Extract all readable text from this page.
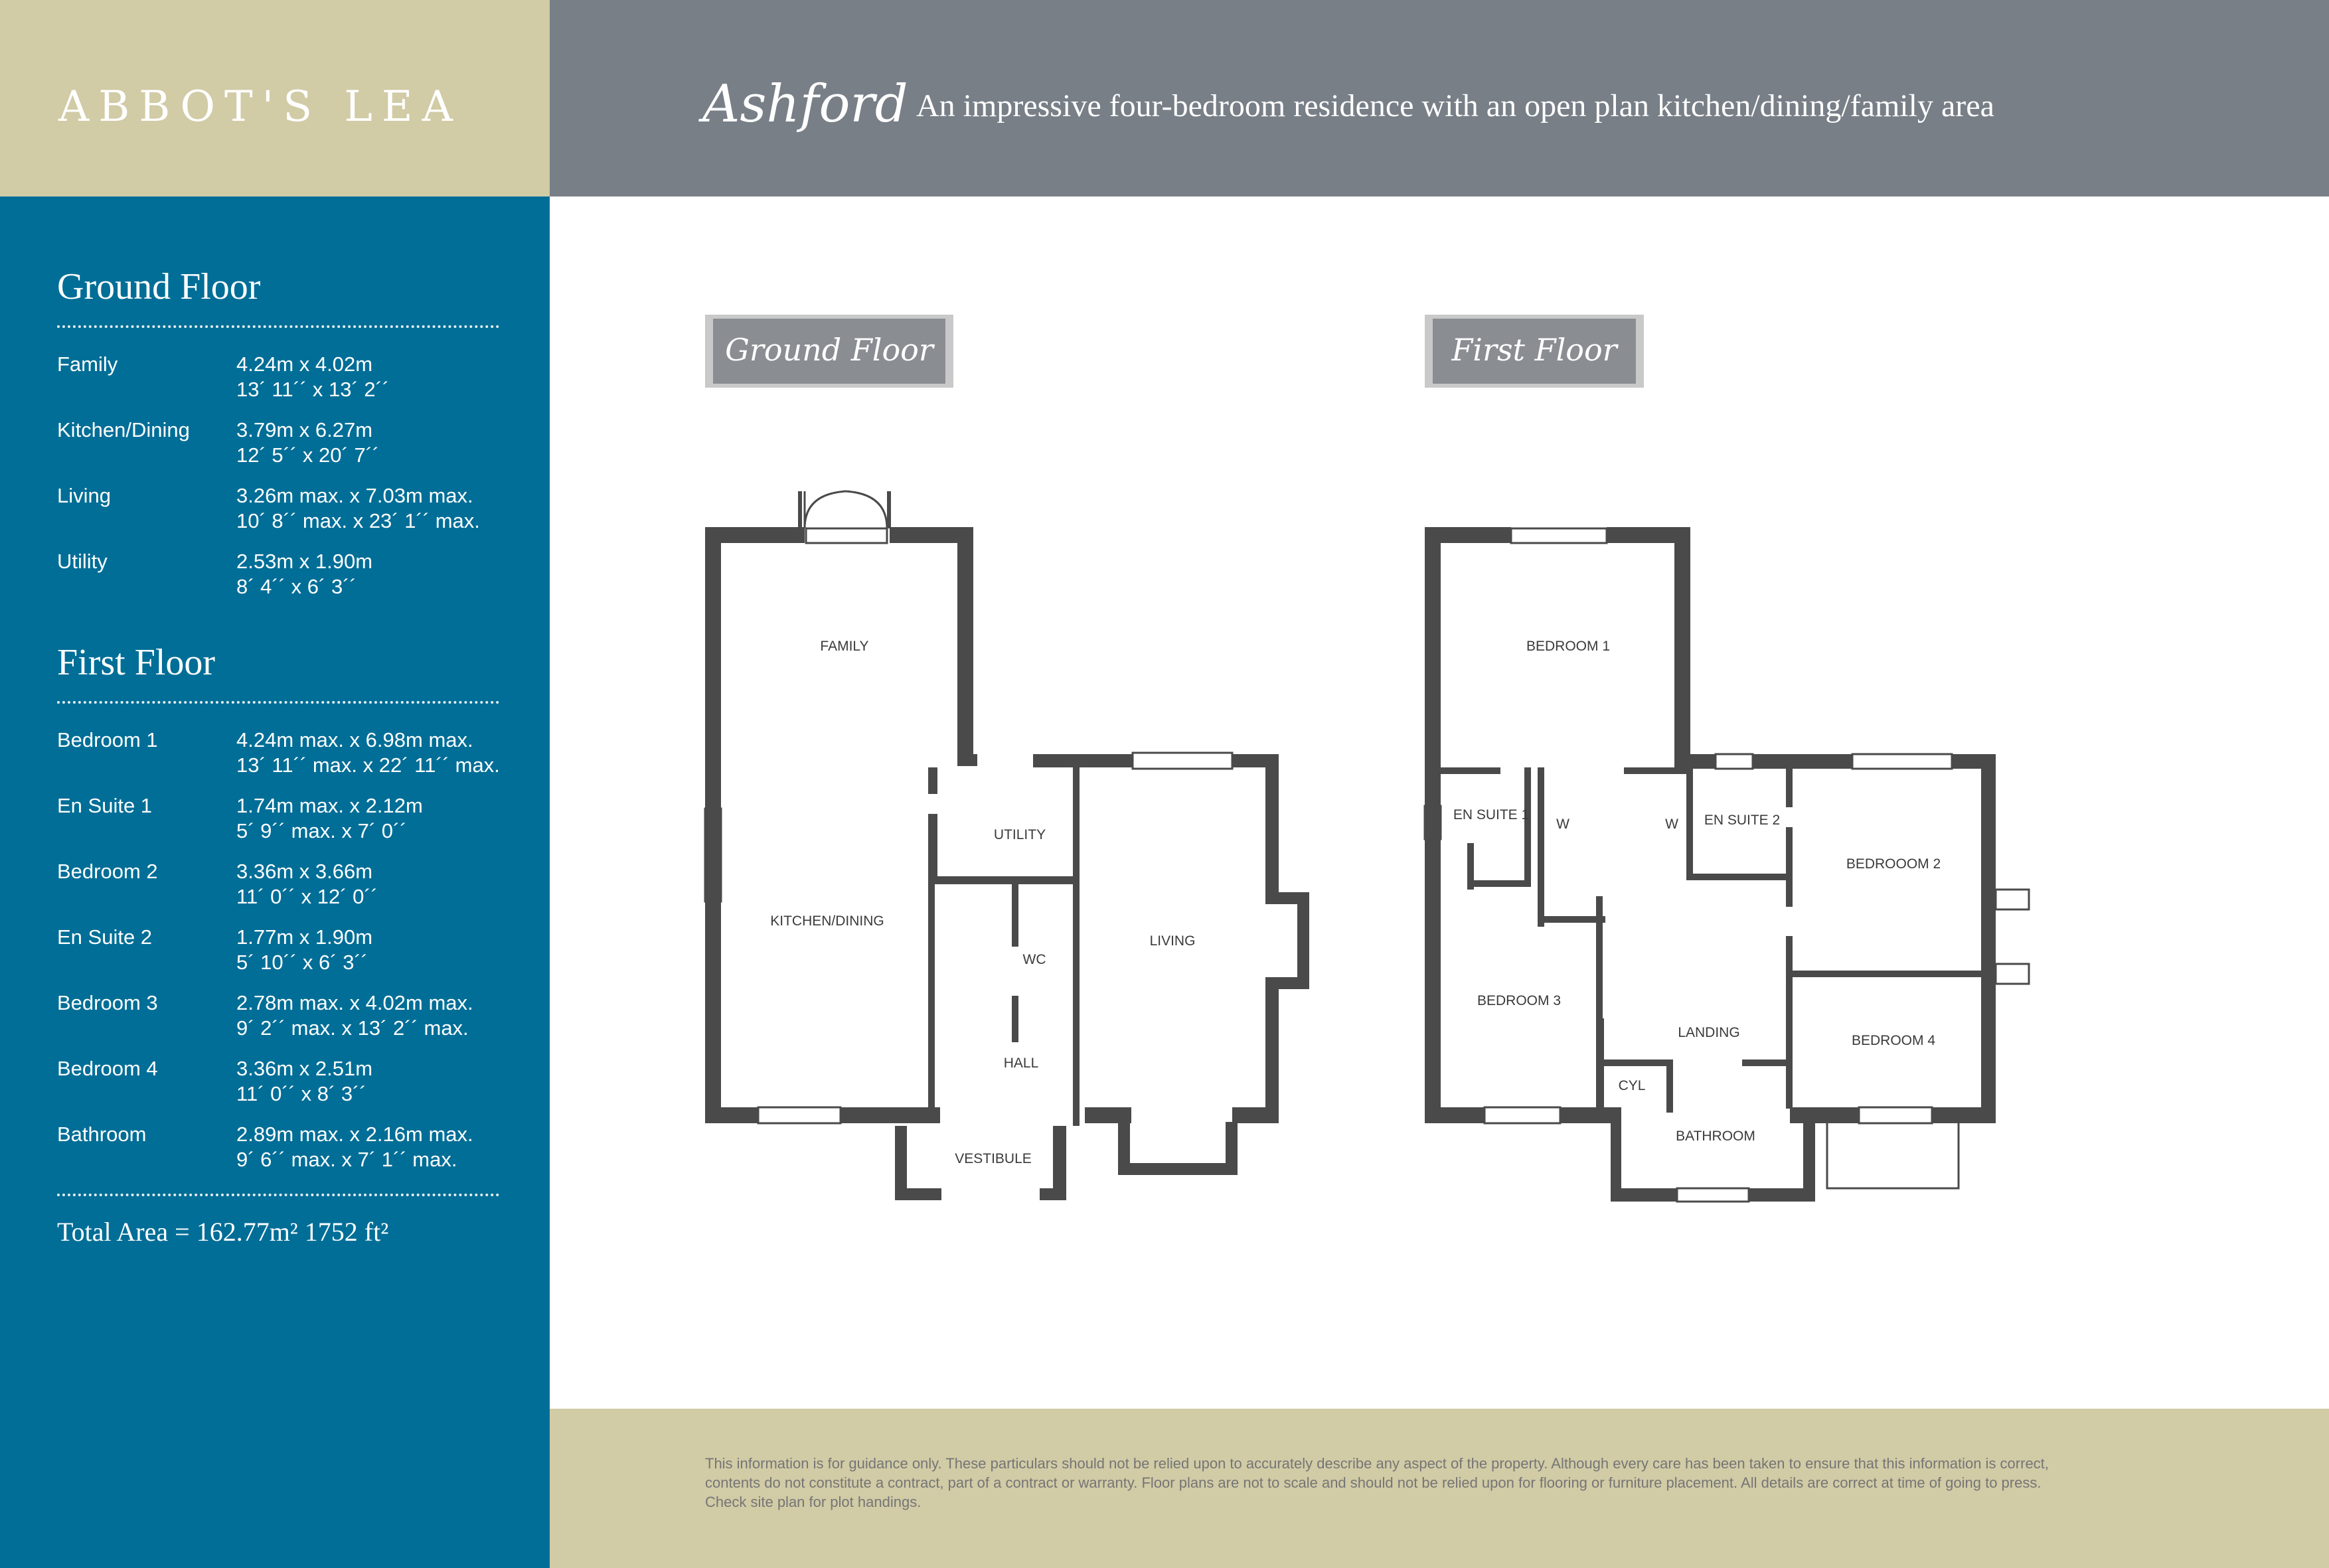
ABBOT'S LEA	Ashford An impressive four-bedroom residence with an open plan kitchen/dining/family area
Ground Floor
Family	4.24m x 4.02m
13´ 11´´ x 13´ 2´´
Kitchen/Dining 3.79m x 6.27m
12´ 5´´ x 20´ 7´´
Living	3.26m max. x 7.03m max.
10´ 8´´ max. x 23´ 1´´ max.
Utility	2.53m x 1.90m
8´ 4´´ x 6´ 3´´
First Floor
Bedroom 1	4.24m max. x 6.98m max.
13´ 11´´ max. x 22´ 11´´ max.
En Suite 1	1.74m max. x 2.12m
5´ 9´´ max. x 7´ 0´´
Bedroom 2	3.36m x 3.66m
11´ 0´´ x 12´ 0´´
En Suite 2	1.77m x 1.90m
5´ 10´´ x 6´ 3´´
Bedroom 3	2.78m max. x 4.02m max.
9´ 2´´ max. x 13´ 2´´ max.
Bedroom 4	3.36m x 2.51m
11´ 0´´ x 8´ 3´´
Bathroom	2.89m max. x 2.16m max.
9´ 6´´ max. x 7´ 1´´ max.
Total Area = 162.77m² 1752 ft²
Ground Floor	First Floor
FAMILY
KITCHEN/DINING
UTILITY
WC
LIVING
HALL
VESTIBULE
BEDROOM 1
EN SUITE 1
W	W EN SUITE 2
BEDROOOM 2
BEDROOM 3
LANDING
CYL
BEDROOM 4
BATHROOM
This information is for guidance only. These particulars should not be relied upon to accurately describe any aspect of the property. Although every care has been taken to ensure that this information is correct, contents do not constitute a contract, part of a contract or warranty. Floor plans are not to scale and should not be relied upon for flooring or furniture placement. All details are correct at time of going to press. Check site plan for plot handings.
